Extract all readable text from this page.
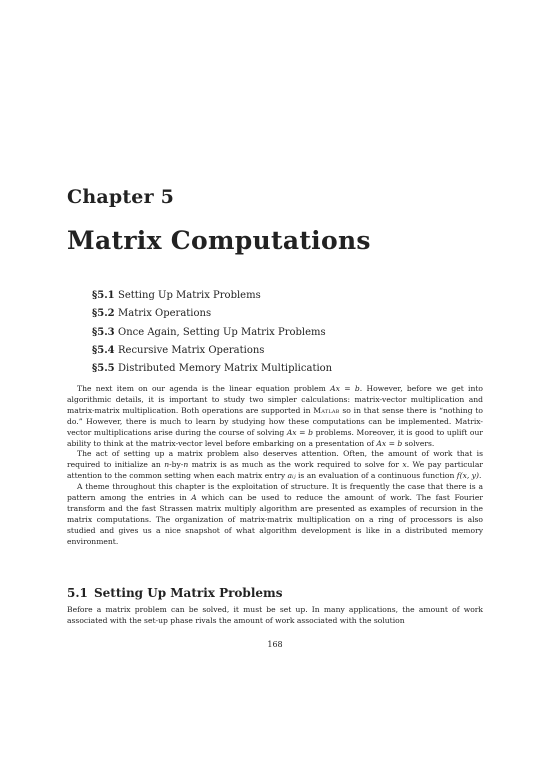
Chapter 5
Matrix Computations
§5.1 Setting Up Matrix Problems
§5.2 Matrix Operations
§5.3 Once Again, Setting Up Matrix Problems
§5.4 Recursive Matrix Operations
§5.5 Distributed Memory Matrix Multiplication

The next item on our agenda is the linear equation problem Ax = b. However, before we get into algorithmic details, it is important to study two simpler calculations: matrix-vector multiplication and matrix-matrix multiplication. Both operations are supported in Matlab so in that sense there is “nothing to do.” However, there is much to learn by studying how these computations can be implemented. Matrix-vector multiplications arise during the course of solving Ax = b problems. Moreover, it is good to uplift our ability to think at the matrix-vector level before embarking on a presentation of Ax = b solvers.

The act of setting up a matrix problem also deserves attention. Often, the amount of work that is required to initialize an n-by-n matrix is as much as the work required to solve for x. We pay particular attention to the common setting when each matrix entry aᵢⱼ is an evaluation of a continuous function f(x, y).

A theme throughout this chapter is the exploitation of structure. It is frequently the case that there is a pattern among the entries in A which can be used to reduce the amount of work. The fast Fourier transform and the fast Strassen matrix multiply algorithm are presented as examples of recursion in the matrix computations. The organization of matrix-matrix multiplication on a ring of processors is also studied and gives us a nice snapshot of what algorithm development is like in a distributed memory environment.

5.1 Setting Up Matrix Problems

Before a matrix problem can be solved, it must be set up. In many applications, the amount of work associated with the set-up phase rivals the amount of work associated with the solution

168
